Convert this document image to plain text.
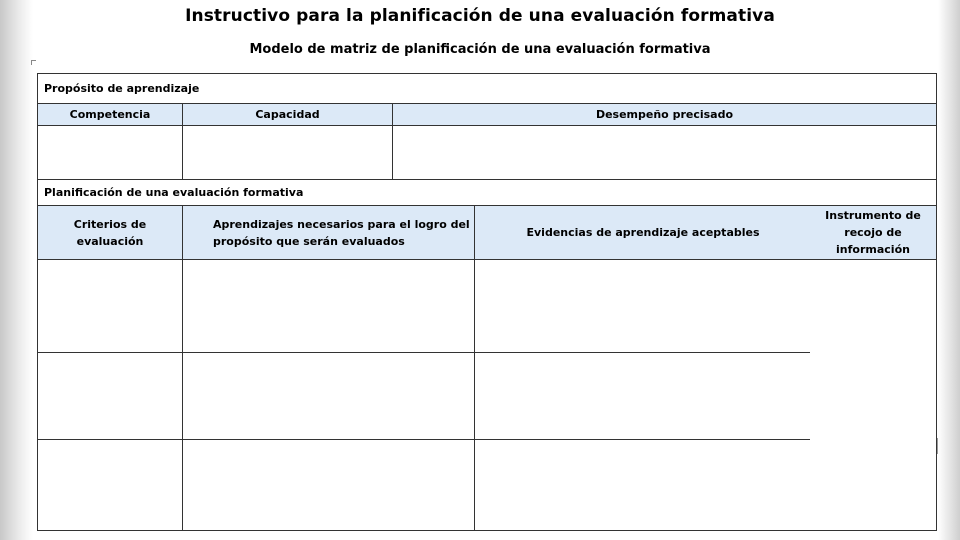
Instructivo para la planificación de una evaluación formativa
Modelo de matriz de planificación de una evaluación formativa
Propósito de aprendizaje
Competencia	Capacidad	Desempeño precisado
Planificación de una evaluación formativa
Criterios de
evaluación
Aprendizajes necesarios para el logro del
propósito que serán evaluados
Evidencias de aprendizaje aceptables
Instrumento de
recojo de
información
